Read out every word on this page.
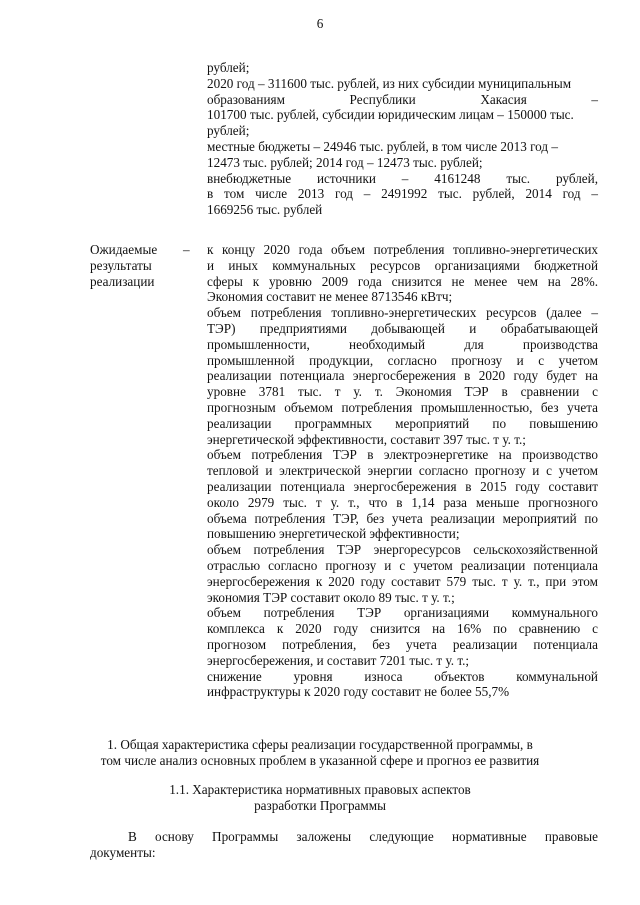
6
рублей;
2020 год – 311600 тыс. рублей, из них субсидии муниципальным
образованиям Республики Хакасия –
101700 тыс. рублей, субсидии юридическим лицам – 150000 тыс.
рублей;
местные бюджеты – 24946 тыс. рублей, в том числе 2013 год –
12473 тыс. рублей; 2014 год – 12473 тыс. рублей;
внебюджетные источники – 4161248 тыс. рублей,
в том числе 2013 год – 2491992 тыс. рублей, 2014 год –
1669256 тыс. рублей
Ожидаемые
результаты
реализации
– к концу 2020 года объем потребления топливно-энергетических
и иных коммунальных ресурсов организациями бюджетной
сферы к уровню 2009 года снизится не менее чем на 28%.
Экономия составит не менее 8713546 кВтч;
объем потребления топливно-энергетических ресурсов (далее –
ТЭР) предприятиями добывающей и обрабатывающей
промышленности, необходимый для производства
промышленной продукции, согласно прогнозу и с учетом
реализации потенциала энергосбережения в 2020 году будет на
уровне 3781 тыс. т у. т. Экономия ТЭР в сравнении с
прогнозным объемом потребления промышленностью, без учета
реализации программных мероприятий по повышению
энергетической эффективности, составит 397 тыс. т у. т.;
объем потребления ТЭР в электроэнергетике на производство
тепловой и электрической энергии согласно прогнозу и с учетом
реализации потенциала энергосбережения в 2015 году составит
около 2979 тыс. т у. т., что в 1,14 раза меньше прогнозного
объема потребления ТЭР, без учета реализации мероприятий по
повышению энергетической эффективности;
объем потребления ТЭР энергоресурсов сельскохозяйственной
отраслью согласно прогнозу и с учетом реализации потенциала
энергосбережения к 2020 году составит 579 тыс. т у. т., при этом
экономия ТЭР составит около 89 тыс. т у. т.;
объем потребления ТЭР организациями коммунального
комплекса к 2020 году снизится на 16% по сравнению с
прогнозом потребления, без учета реализации потенциала
энергосбережения, и составит 7201 тыс. т у. т.;
снижение уровня износа объектов коммунальной
инфраструктуры к 2020 году составит не более 55,7%
1. Общая характеристика сферы реализации государственной программы, в
том числе анализ основных проблем в указанной сфере и прогноз ее развития
1.1. Характеристика нормативных правовых аспектов
разработки Программы
В основу Программы заложены следующие нормативные правовые
документы:
